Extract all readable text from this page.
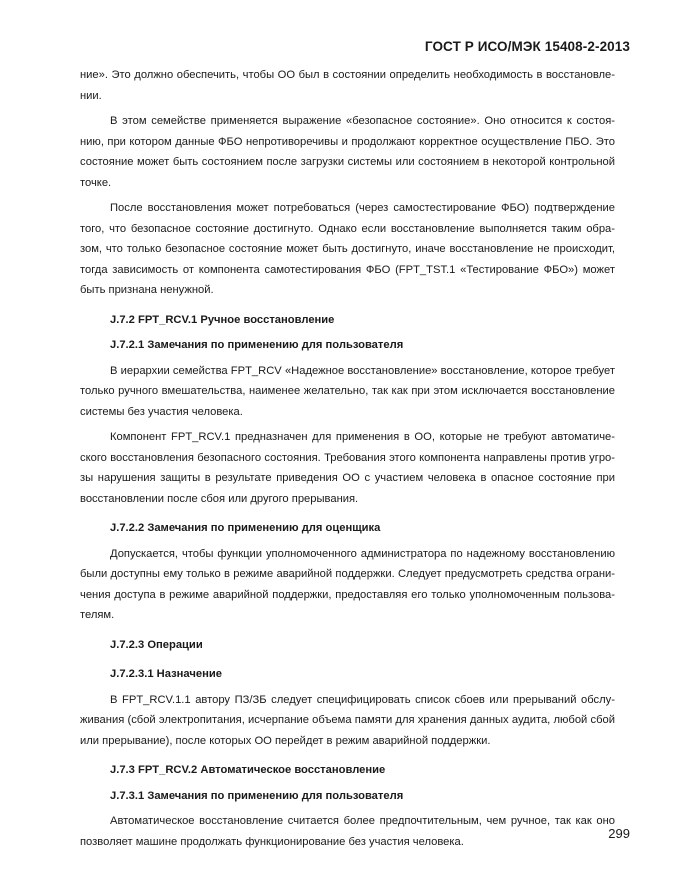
ГОСТ Р ИСО/МЭК 15408-2-2013

ние». Это должно обеспечить, чтобы ОО был в состоянии определить необходимость в восстановле-нии.

В этом семействе применяется выражение «безопасное состояние». Оно относится к состоя-нию, при котором данные ФБО непротиворечивы и продолжают корректное осуществление ПБО. Это состояние может быть состоянием после загрузки системы или состоянием в некоторой контрольной точке.

После восстановления может потребоваться (через самостестирование ФБО) подтверждение того, что безопасное состояние достигнуто. Однако если восстановление выполняется таким обра-зом, что только безопасное состояние может быть достигнуто, иначе восстановление не происходит, тогда зависимость от компонента самотестирования ФБО (FPT_TST.1 «Тестирование ФБО») может быть признана ненужной.

J.7.2 FPT_RCV.1 Ручное восстановление
J.7.2.1 Замечания по применению для пользователя

В иерархии семейства FPT_RCV «Надежное восстановление» восстановление, которое требует только ручного вмешательства, наименее желательно, так как при этом исключается восстановление системы без участия человека.

Компонент FPT_RCV.1 предназначен для применения в ОО, которые не требуют автоматиче-ского восстановления безопасного состояния. Требования этого компонента направлены против угро-зы нарушения защиты в результате приведения ОО с участием человека в опасное состояние при восстановлении после сбоя или другого прерывания.

J.7.2.2 Замечания по применению для оценщика

Допускается, чтобы функции уполномоченного администратора по надежному восстановлению были доступны ему только в режиме аварийной поддержки. Следует предусмотреть средства ограни-чения доступа в режиме аварийной поддержки, предоставляя его только уполномоченным пользова-телям.

J.7.2.3 Операции
J.7.2.3.1 Назначение

В FPT_RCV.1.1 автору ПЗ/ЗБ следует специфицировать список сбоев или прерываний обслу-живания (сбой электропитания, исчерпание объема памяти для хранения данных аудита, любой сбой или прерывание), после которых ОО перейдет в режим аварийной поддержки.

J.7.3 FPT_RCV.2 Автоматическое восстановление
J.7.3.1 Замечания по применению для пользователя

Автоматическое восстановление считается более предпочтительным, чем ручное, так как оно позволяет машине продолжать функционирование без участия человека.

299
